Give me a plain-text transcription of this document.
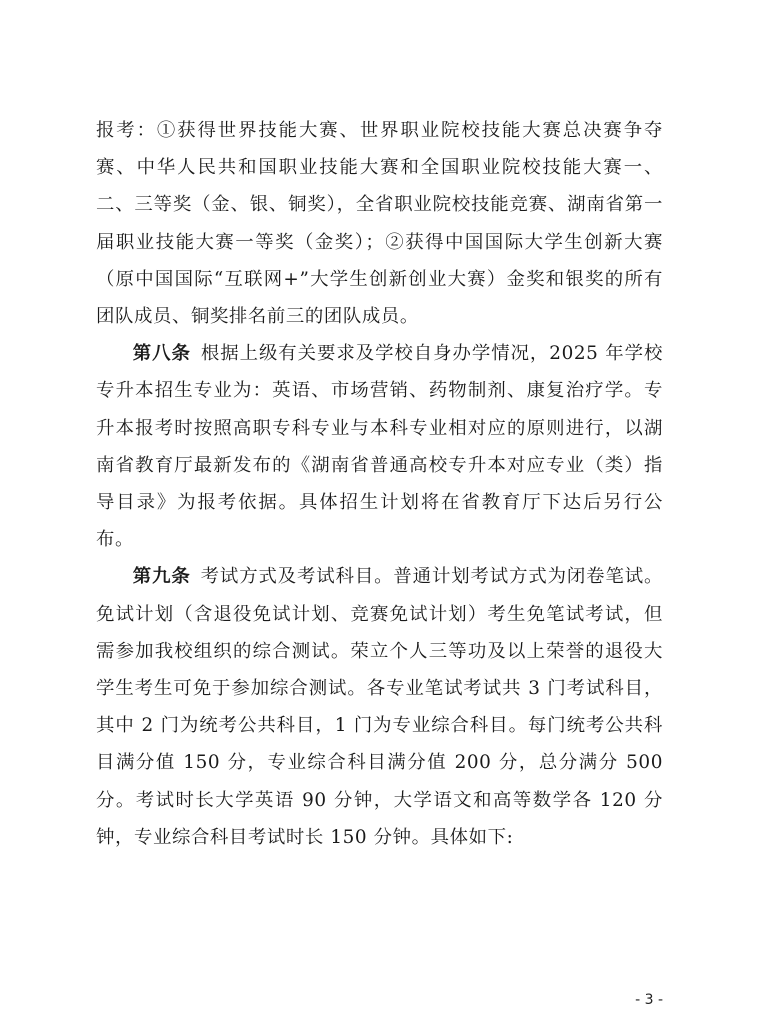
报考：①获得世界技能大赛、世界职业院校技能大赛总决赛争夺赛、中华人民共和国职业技能大赛和全国职业院校技能大赛一、二、三等奖（金、银、铜奖），全省职业院校技能竞赛、湖南省第一届职业技能大赛一等奖（金奖）；②获得中国国际大学生创新大赛（原中国国际“互联网+”大学生创新创业大赛）金奖和银奖的所有团队成员、铜奖排名前三的团队成员。

第八条 根据上级有关要求及学校自身办学情况，2025 年学校专升本招生专业为：英语、市场营销、药物制剂、康复治疗学。专升本报考时按照高职专科专业与本科专业相对应的原则进行，以湖南省教育厅最新发布的《湖南省普通高校专升本对应专业（类）指导目录》为报考依据。具体招生计划将在省教育厅下达后另行公布。

第九条 考试方式及考试科目。普通计划考试方式为闭卷笔试。免试计划（含退役免试计划、竞赛免试计划）考生免笔试考试，但需参加我校组织的综合测试。荣立个人三等功及以上荣誉的退役大学生考生可免于参加综合测试。各专业笔试考试共 3 门考试科目，其中 2 门为统考公共科目，1 门为专业综合科目。每门统考公共科目满分值 150 分，专业综合科目满分值 200 分，总分满分 500 分。考试时长大学英语 90 分钟，大学语文和高等数学各 120 分钟，专业综合科目考试时长 150 分钟。具体如下:

- 3 -
